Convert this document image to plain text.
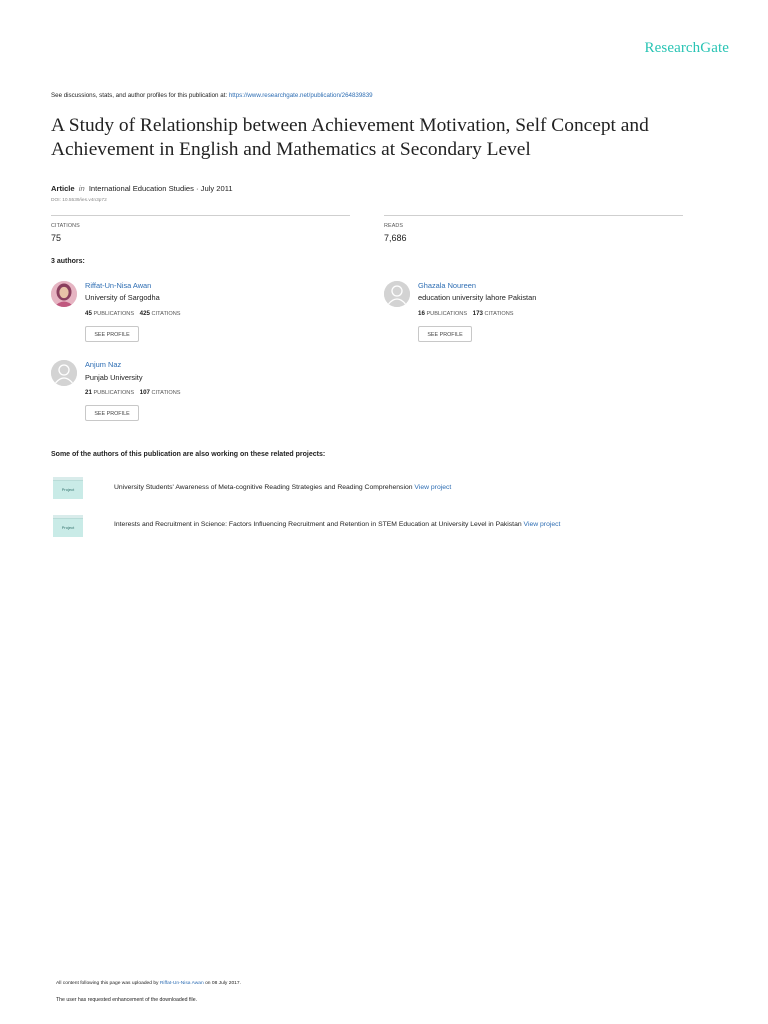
ResearchGate
See discussions, stats, and author profiles for this publication at: https://www.researchgate.net/publication/264839839
A Study of Relationship between Achievement Motivation, Self Concept and Achievement in English and Mathematics at Secondary Level
Article in International Education Studies · July 2011
DOI: 10.5539/ies.v4n3p72
CITATIONS
75
READS
7,686
3 authors:
Riffat-Un-Nisa Awan
University of Sargodha
45 PUBLICATIONS 425 CITATIONS
SEE PROFILE
Ghazala Noureen
education university lahore Pakistan
16 PUBLICATIONS 173 CITATIONS
SEE PROFILE
Anjum Naz
Punjab University
21 PUBLICATIONS 107 CITATIONS
SEE PROFILE
Some of the authors of this publication are also working on these related projects:
Project	University Students' Awareness of Meta-cognitive Reading Strategies and Reading Comprehension View project
Project	Interests and Recruitment in Science: Factors Influencing Recruitment and Retention in STEM Education at University Level in Pakistan View project
All content following this page was uploaded by Riffat-Un-Nisa Awan on 08 July 2017.
The user has requested enhancement of the downloaded file.
